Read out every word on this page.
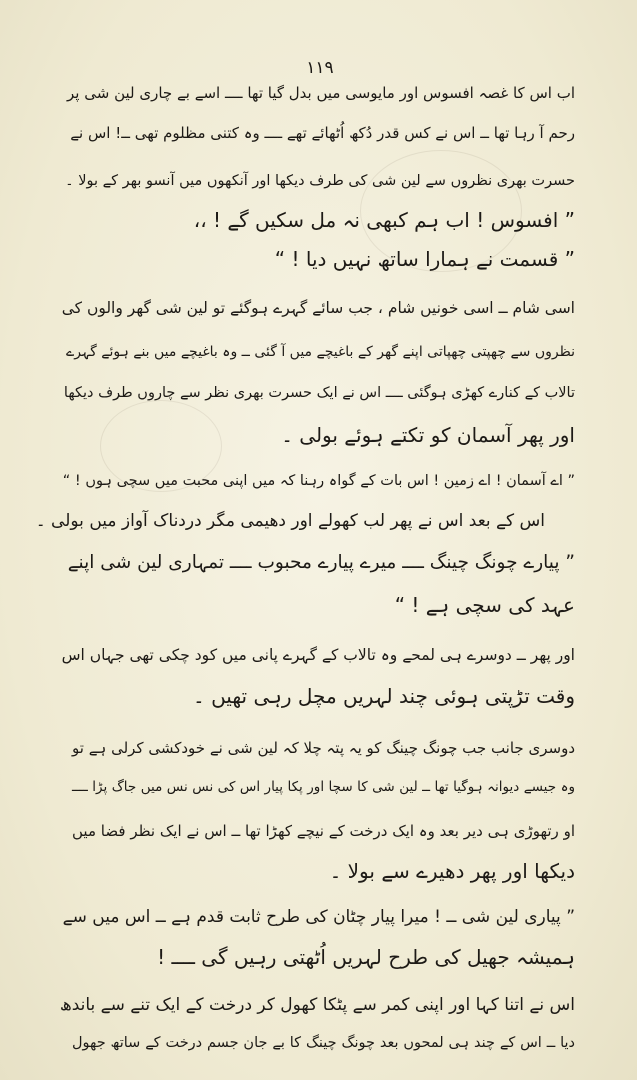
۱۱۹
اب اس کا غصہ افسوس اور مایوسی میں بدل گیا تھا ــــ اسے بے چاری لین شی پر
رحم آ رہا تھا ــ اس نے کس قدر دُکھ اُٹھائے تھے ــــ وہ کتنی مظلوم تھی ــ! اس نے
حسرت بھری نظروں سے لین شی کی طرف دیکھا اور آنکھوں میں آنسو بھر کے بولا ۔
” افسوس ! اب ہم کبھی نہ مل سکیں گے ! ،،
” قسمت نے ہمارا ساتھ نہیں دیا ! “
اسی شام ــ اسی خونیں شام ، جب سائے گہرے ہوگئے تو لین شی گھر والوں کی
نظروں سے چھپتی چھپاتی اپنے گھر کے باغیچے میں آ گئی ــ وہ باغیچے میں بنے ہوئے گہرے
تالاب کے کنارے کھڑی ہوگئی ــــ اس نے ایک حسرت بھری نظر سے چاروں طرف دیکھا
اور پھر آسمان کو تکتے ہوئے بولی ۔
” اے آسمان ! اے زمین ! اس بات کے گواہ رہنا کہ میں اپنی محبت میں سچی ہوں ! “
اس کے بعد اس نے پھر لب کھولے اور دھیمی مگر دردناک آواز میں بولی ۔
” پیارے چونگ چینگ ــــ میرے پیارے محبوب ــــ تمہاری لین شی اپنے
عہد کی سچی ہے ! “
اور پھر ــ دوسرے ہی لمحے وہ تالاب کے گہرے پانی میں کود چکی تھی جہاں اس
وقت تڑپتی ہوئی چند لہریں مچل رہی تھیں ۔
دوسری جانب جب چونگ چینگ کو یہ پتہ چلا کہ لین شی نے خودکشی کرلی ہے تو
وہ جیسے دیوانہ ہوگیا تھا ــ لین شی کا سچا اور پکا پیار اس کی نس نس میں جاگ پڑا ــــ
او رتھوڑی ہی دیر بعد وہ ایک درخت کے نیچے کھڑا تھا ــ اس نے ایک نظر فضا میں
دیکھا اور پھر دھیرے سے بولا ۔
” پیاری لین شی ــ ! میرا پیار چٹان کی طرح ثابت قدم ہے ــ اس میں سے
ہمیشہ جھیل کی طرح لہریں اُٹھتی رہیں گی ــــ !
اس نے اتنا کہا اور اپنی کمر سے پٹکا کھول کر درخت کے ایک تنے سے باندھ
دیا ــ اس کے چند ہی لمحوں بعد چونگ چینگ کا بے جان جسم درخت کے ساتھ جھول
